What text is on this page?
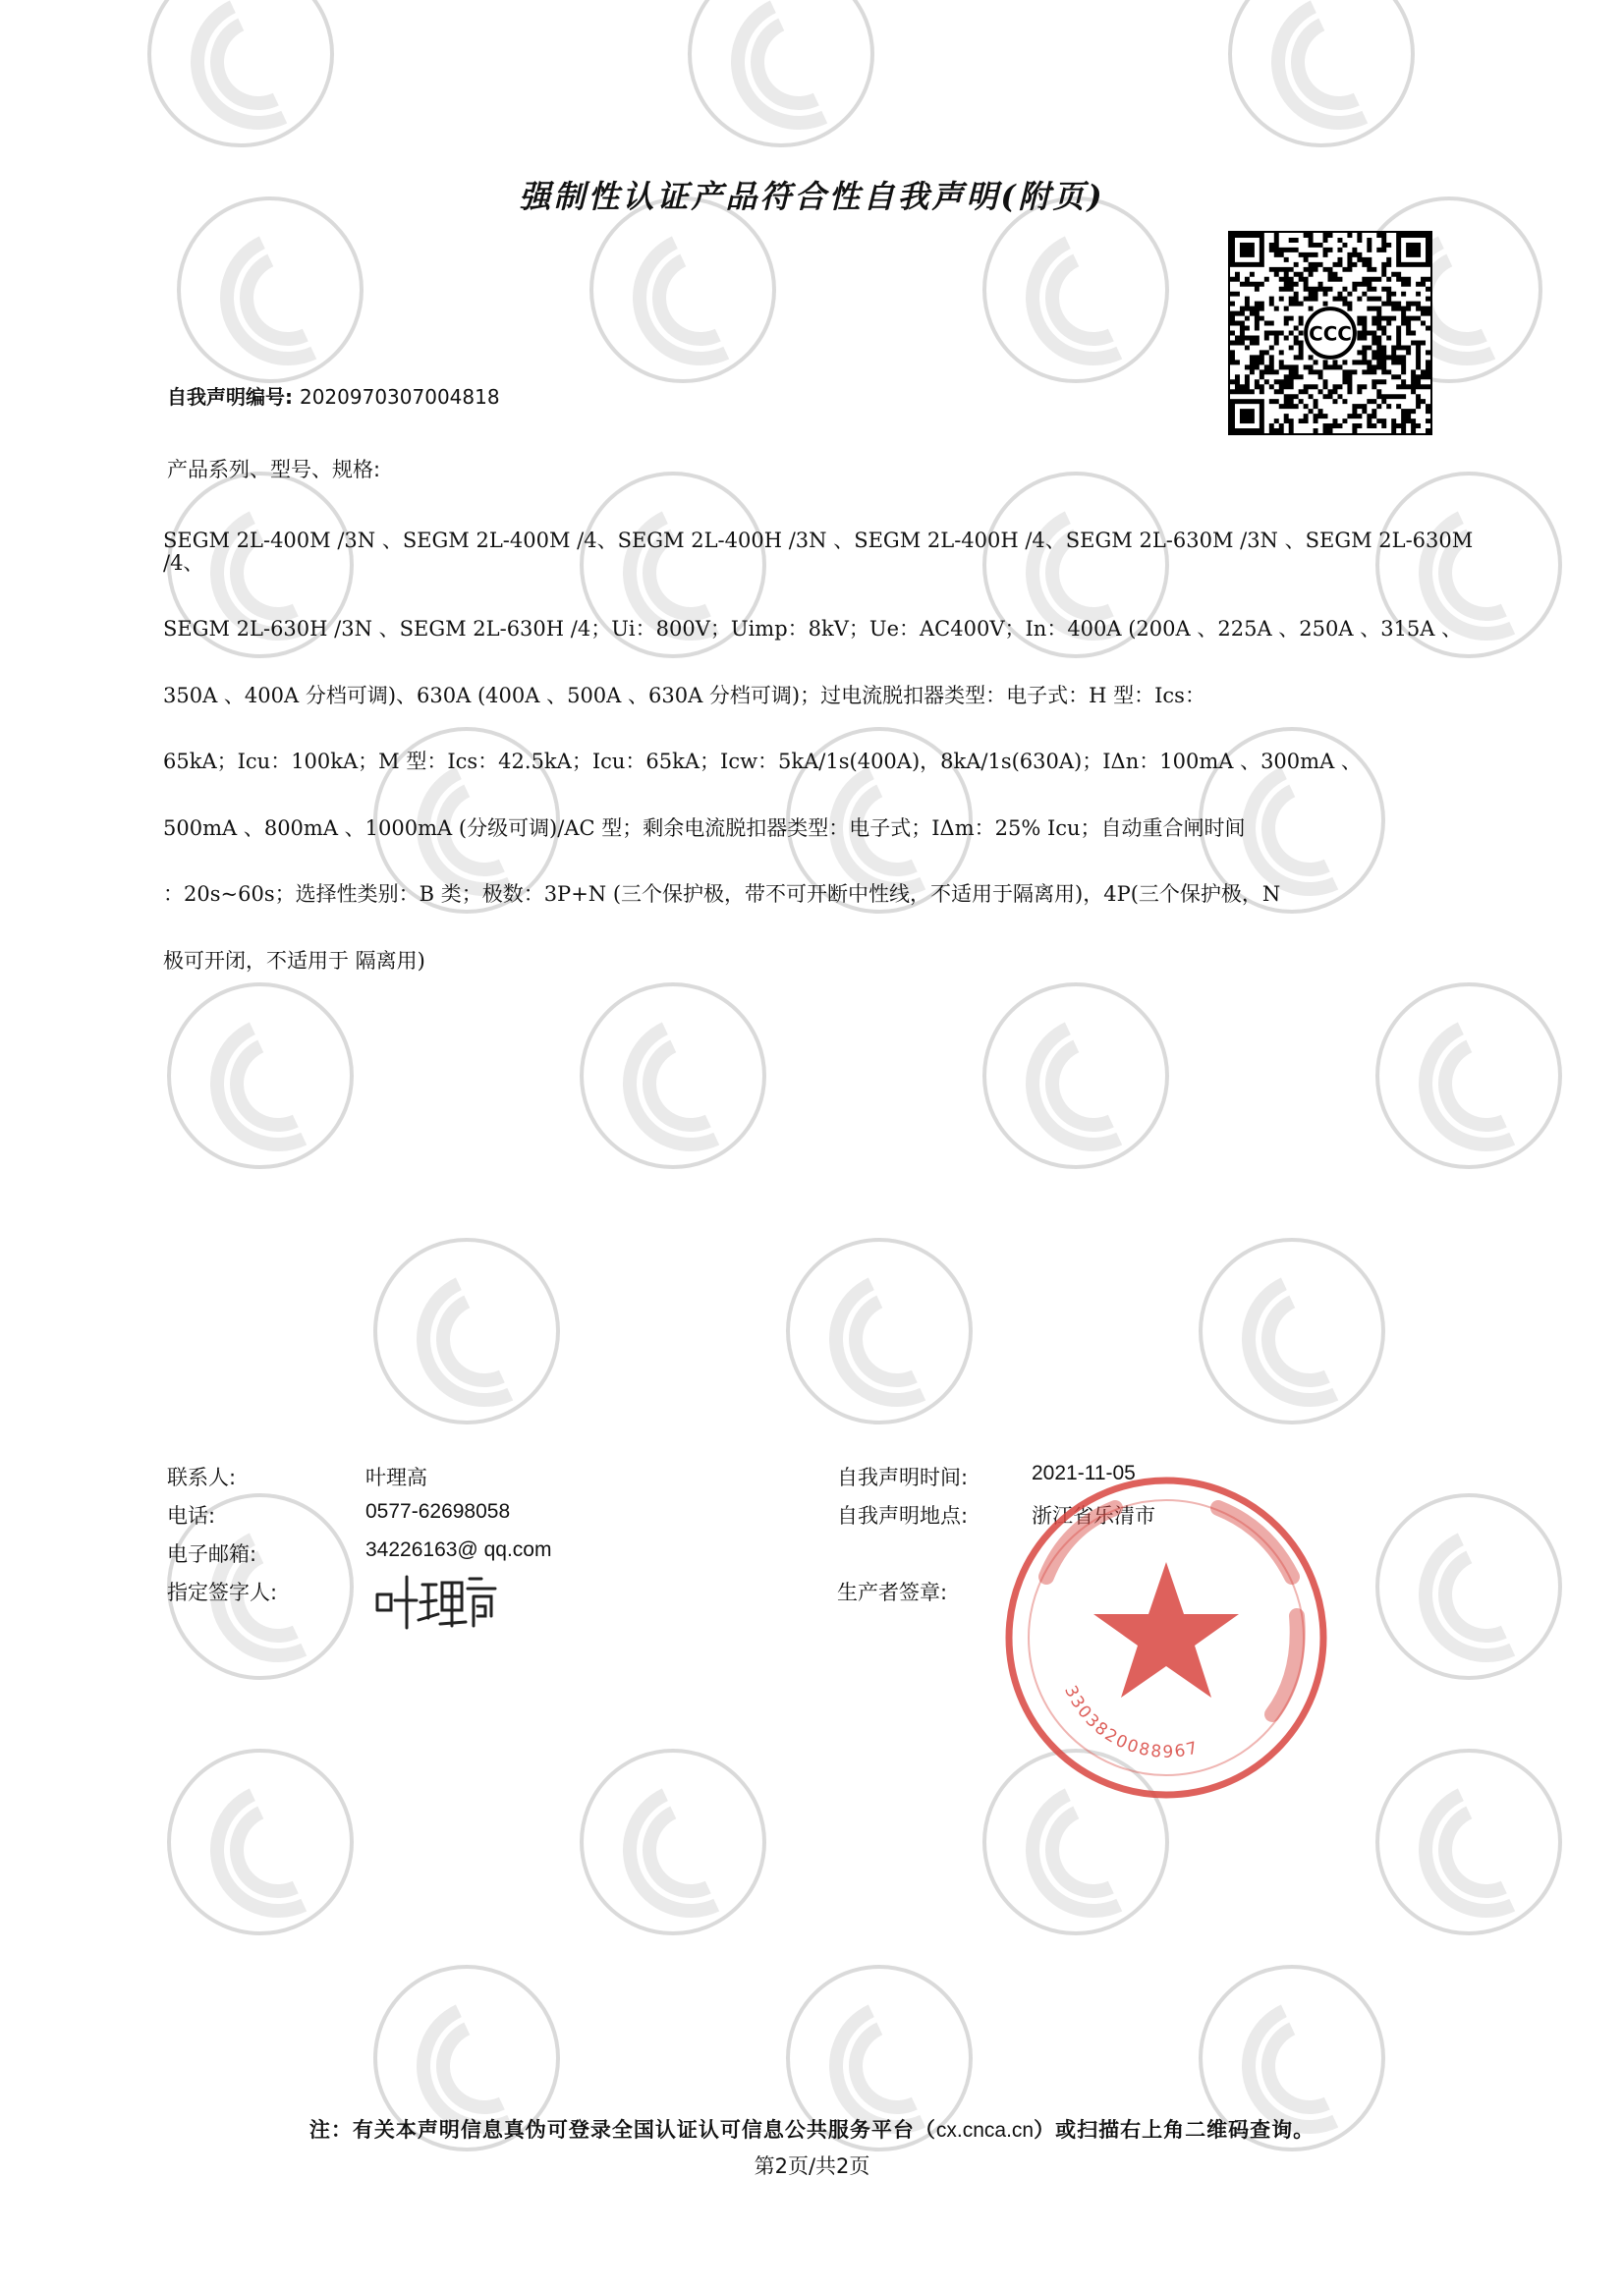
强制性认证产品符合性自我声明(附页)
CCC
自我声明编号: 2020970307004818
产品系列、型号、规格:

SEGM 2L-400M /3N 、SEGM 2L-400M /4、SEGM 2L-400H /3N 、SEGM 2L-400H /4、SEGM 2L-630M /3N 、SEGM 2L-630M /4、

SEGM 2L-630H /3N 、SEGM 2L-630H /4；Ui：800V；Uimp：8kV；Ue：AC400V；In：400A (200A 、225A 、250A 、315A 、

350A 、400A 分档可调)、630A (400A 、500A 、630A 分档可调)；过电流脱扣器类型：电子式：H 型：Ics：

65kA；Icu：100kA；M 型：Ics：42.5kA；Icu：65kA；Icw：5kA/1s(400A)，8kA/1s(630A)；IΔn：100mA 、300mA 、

500mA 、800mA 、1000mA (分级可调)/AC 型；剩余电流脱扣器类型：电子式；IΔm：25% Icu；自动重合闸时间

：20s~60s；选择性类别：B 类；极数：3P+N (三个保护极，带不可开断中性线，不适用于隔离用)，4P(三个保护极，N

极可开闭，不适用于 隔离用)

联系人:	叶理高
电话:	0577-62698058
电子邮箱:	34226163@ qq.com
指定签字人:
自我声明时间:	2021-11-05
自我声明地点:	浙江省乐清市
生产者签章:
3303820088967
注：有关本声明信息真伪可登录全国认证认可信息公共服务平台（cx.cnca.cn）或扫描右上角二维码查询。
第2页/共2页
